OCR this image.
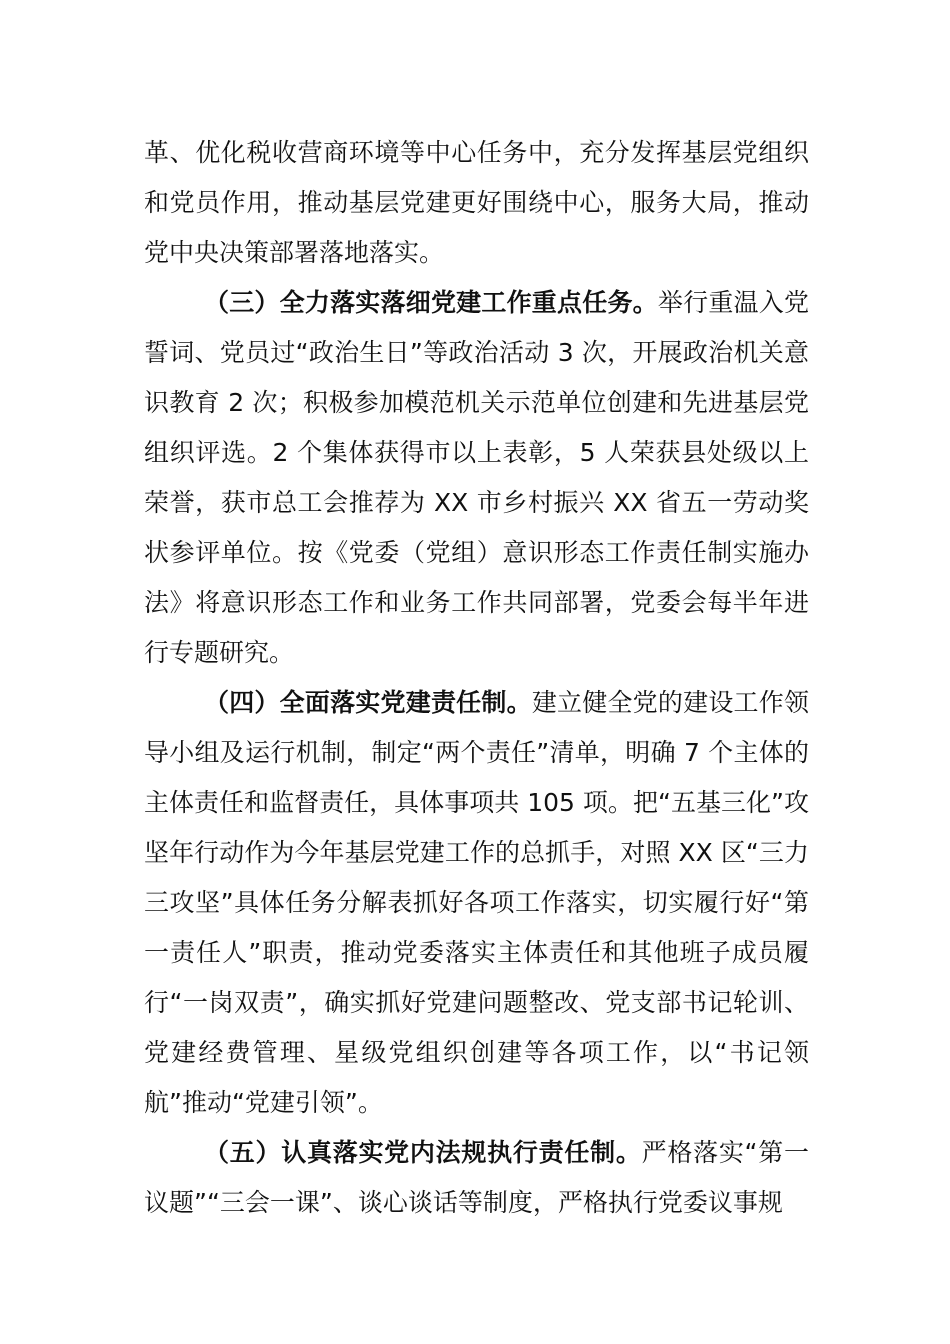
革、优化税收营商环境等中心任务中，充分发挥基层党组织和党员作用，推动基层党建更好围绕中心，服务大局，推动党中央决策部署落地落实。

（三）全力落实落细党建工作重点任务。举行重温入党誓词、党员过“政治生日”等政治活动 3 次，开展政治机关意识教育 2 次；积极参加模范机关示范单位创建和先进基层党组织评选。2 个集体获得市以上表彰，5 人荣获县处级以上荣誉，获市总工会推荐为 XX 市乡村振兴 XX 省五一劳动奖状参评单位。按《党委（党组）意识形态工作责任制实施办法》将意识形态工作和业务工作共同部署，党委会每半年进行专题研究。

（四）全面落实党建责任制。建立健全党的建设工作领导小组及运行机制，制定“两个责任”清单，明确 7 个主体的主体责任和监督责任，具体事项共 105 项。把“五基三化”攻坚年行动作为今年基层党建工作的总抓手，对照 XX 区“三力三攻坚”具体任务分解表抓好各项工作落实，切实履行好“第一责任人”职责，推动党委落实主体责任和其他班子成员履行“一岗双责”，确实抓好党建问题整改、党支部书记轮训、党建经费管理、星级党组织创建等各项工作，以“书记领航”推动“党建引领”。

（五）认真落实党内法规执行责任制。严格落实“第一议题”“三会一课”、谈心谈话等制度，严格执行党委议事规
